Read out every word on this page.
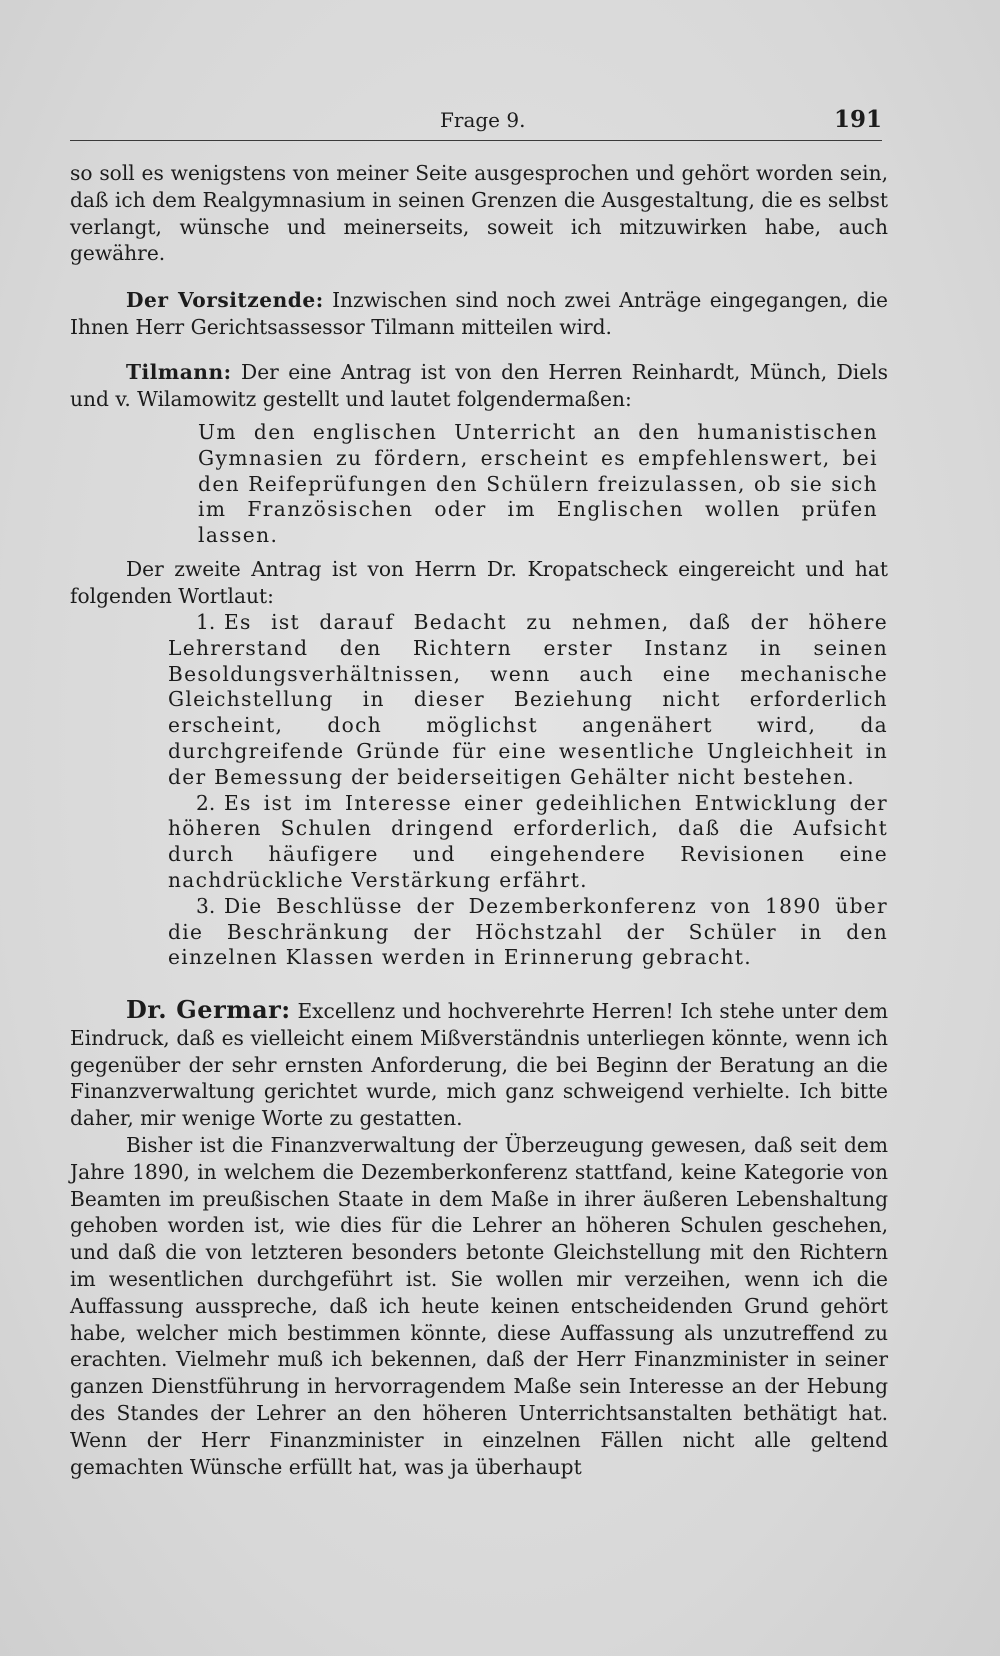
Frage 9.	191

so soll es wenigstens von meiner Seite ausgesprochen und gehört worden sein, daß ich dem Realgymnasium in seinen Grenzen die Ausgestaltung, die es selbst verlangt, wünsche und meinerseits, soweit ich mitzuwirken habe, auch gewähre.

Der Vorsitzende: Inzwischen sind noch zwei Anträge eingegangen, die Ihnen Herr Gerichtsassessor Tilmann mitteilen wird.

Tilmann: Der eine Antrag ist von den Herren Reinhardt, Münch, Diels und v. Wilamowitz gestellt und lautet folgendermaßen:

Um den englischen Unterricht an den humanistischen Gymnasien zu fördern, erscheint es empfehlenswert, bei den Reifeprüfungen den Schülern freizulassen, ob sie sich im Französischen oder im Englischen wollen prüfen lassen.

Der zweite Antrag ist von Herrn Dr. Kropatscheck eingereicht und hat folgenden Wortlaut:

1. Es ist darauf Bedacht zu nehmen, daß der höhere Lehrerstand den Richtern erster Instanz in seinen Besoldungsverhältnissen, wenn auch eine mechanische Gleichstellung in dieser Beziehung nicht erforderlich erscheint, doch möglichst angenähert wird, da durchgreifende Gründe für eine wesentliche Ungleichheit in der Bemessung der beiderseitigen Gehälter nicht bestehen.

2. Es ist im Interesse einer gedeihlichen Entwicklung der höheren Schulen dringend erforderlich, daß die Aufsicht durch häufigere und eingehendere Revisionen eine nachdrückliche Verstärkung erfährt.

3. Die Beschlüsse der Dezemberkonferenz von 1890 über die Beschränkung der Höchstzahl der Schüler in den einzelnen Klassen werden in Erinnerung gebracht.

Dr. Germar: Excellenz und hochverehrte Herren! Ich stehe unter dem Eindruck, daß es vielleicht einem Mißverständnis unterliegen könnte, wenn ich gegenüber der sehr ernsten Anforderung, die bei Beginn der Beratung an die Finanzverwaltung gerichtet wurde, mich ganz schweigend verhielte. Ich bitte daher, mir wenige Worte zu gestatten.

Bisher ist die Finanzverwaltung der Überzeugung gewesen, daß seit dem Jahre 1890, in welchem die Dezemberkonferenz stattfand, keine Kategorie von Beamten im preußischen Staate in dem Maße in ihrer äußeren Lebenshaltung gehoben worden ist, wie dies für die Lehrer an höheren Schulen geschehen, und daß die von letzteren besonders betonte Gleichstellung mit den Richtern im wesentlichen durchgeführt ist. Sie wollen mir verzeihen, wenn ich die Auffassung ausspreche, daß ich heute keinen entscheidenden Grund gehört habe, welcher mich bestimmen könnte, diese Auffassung als unzutreffend zu erachten. Vielmehr muß ich bekennen, daß der Herr Finanzminister in seiner ganzen Dienstführung in hervorragendem Maße sein Interesse an der Hebung des Standes der Lehrer an den höheren Unterrichtsanstalten bethätigt hat. Wenn der Herr Finanzminister in einzelnen Fällen nicht alle geltend gemachten Wünsche erfüllt hat, was ja überhaupt
